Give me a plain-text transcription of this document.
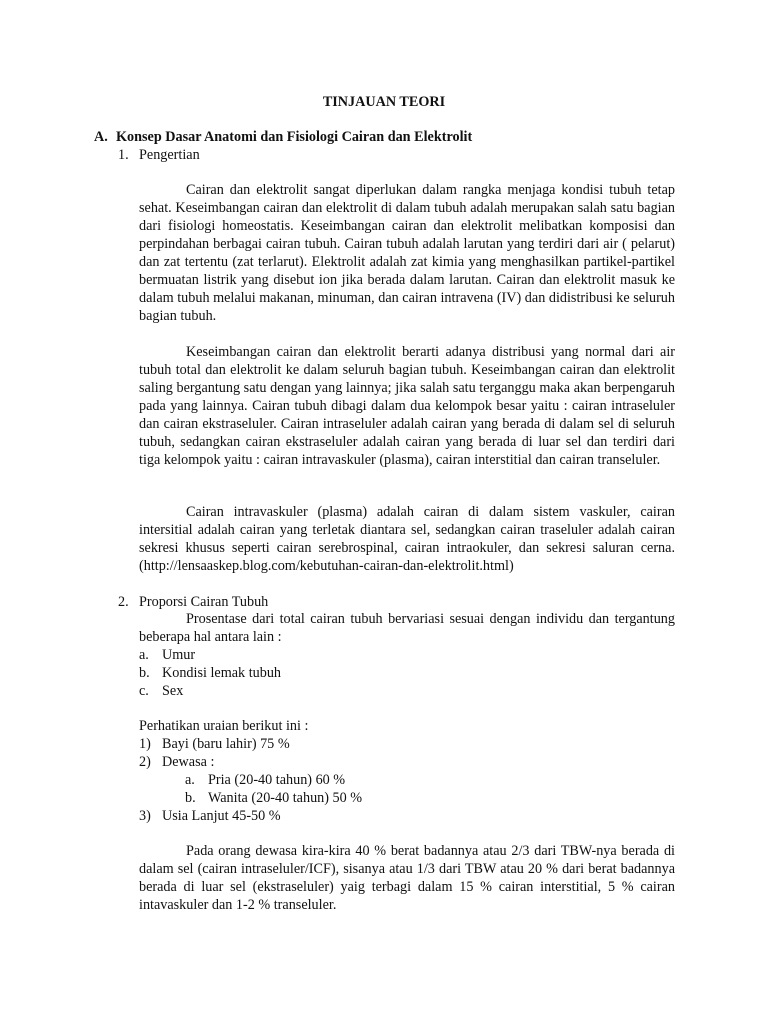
TINJAUAN TEORI
A. Konsep Dasar Anatomi dan Fisiologi Cairan dan Elektrolit
1. Pengertian
Cairan dan elektrolit sangat diperlukan dalam rangka menjaga kondisi tubuh tetap sehat. Keseimbangan cairan dan elektrolit di dalam tubuh adalah merupakan salah satu bagian dari fisiologi homeostatis. Keseimbangan cairan dan elektrolit melibatkan komposisi dan perpindahan berbagai cairan tubuh. Cairan tubuh adalah larutan yang terdiri dari air ( pelarut) dan zat tertentu (zat terlarut). Elektrolit adalah zat kimia yang menghasilkan partikel-partikel bermuatan listrik yang disebut ion jika berada dalam larutan. Cairan dan elektrolit masuk ke dalam tubuh melalui makanan, minuman, dan cairan intravena (IV) dan didistribusi ke seluruh bagian tubuh.
Keseimbangan cairan dan elektrolit berarti adanya distribusi yang normal dari air tubuh total dan elektrolit ke dalam seluruh bagian tubuh. Keseimbangan cairan dan elektrolit saling bergantung satu dengan yang lainnya; jika salah satu terganggu maka akan berpengaruh pada yang lainnya. Cairan tubuh dibagi dalam dua kelompok besar yaitu : cairan intraseluler dan cairan ekstraseluler. Cairan intraseluler adalah cairan yang berada di dalam sel di seluruh tubuh, sedangkan cairan ekstraseluler adalah cairan yang berada di luar sel dan terdiri dari tiga kelompok yaitu : cairan intravaskuler (plasma), cairan interstitial dan cairan transeluler.
Cairan intravaskuler (plasma) adalah cairan di dalam sistem vaskuler, cairan intersitial adalah cairan yang terletak diantara sel, sedangkan cairan traseluler adalah cairan sekresi khusus seperti cairan serebrospinal, cairan intraokuler, dan sekresi saluran cerna. (http://lensaaskep.blog.com/kebutuhan-cairan-dan-elektrolit.html)
2. Proporsi Cairan Tubuh
Prosentase dari total cairan tubuh bervariasi sesuai dengan individu dan tergantung beberapa hal antara lain :
a. Umur
b. Kondisi lemak tubuh
c. Sex
Perhatikan uraian berikut ini :
1) Bayi (baru lahir) 75 %
2) Dewasa :
a. Pria (20-40 tahun) 60 %
b. Wanita (20-40 tahun) 50 %
3) Usia Lanjut 45-50 %
Pada orang dewasa kira-kira 40 % berat badannya atau 2/3 dari TBW-nya berada di dalam sel (cairan intraseluler/ICF), sisanya atau 1/3 dari TBW atau 20 % dari berat badannya berada di luar sel (ekstraseluler) yaig terbagi dalam 15 % cairan interstitial, 5 % cairan intavaskuler dan 1-2 % transeluler.
